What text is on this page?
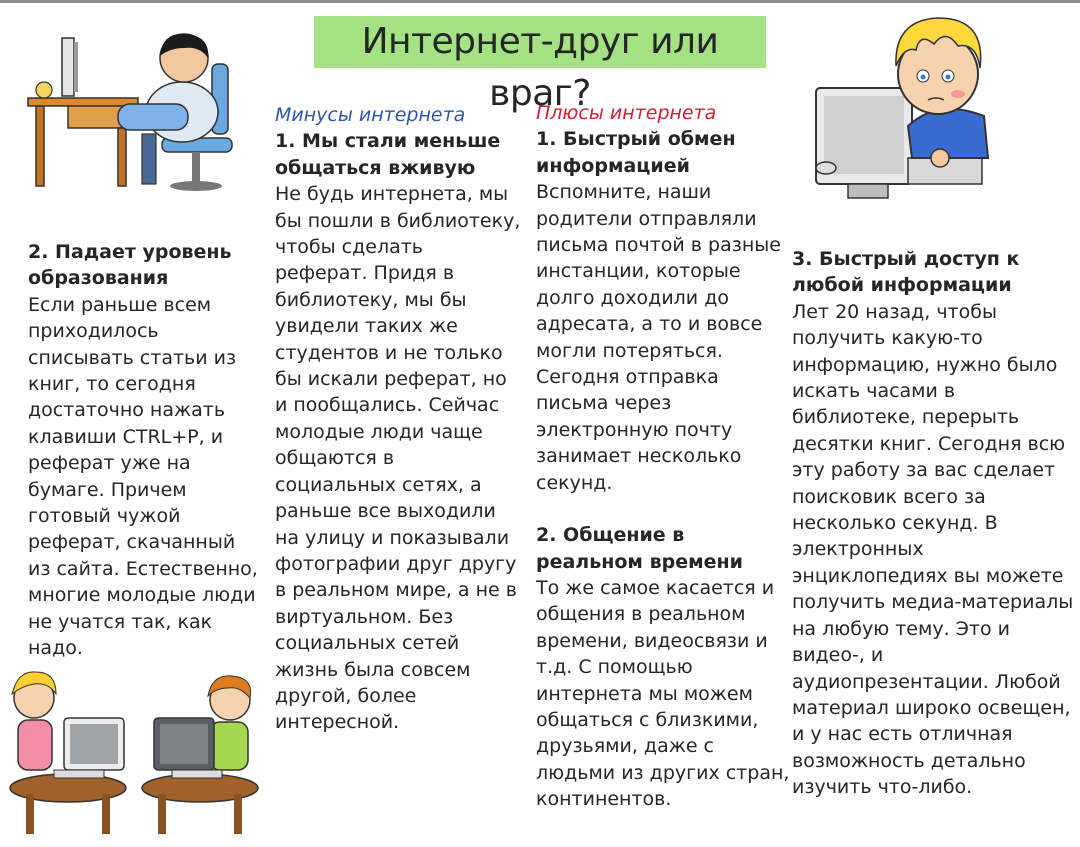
Интернет-друг или враг?
Минусы интернета
1. Мы стали меньше общаться вживую

Не будь интернета, мы бы пошли в библиотеку, чтобы сделать реферат. Придя в библиотеку, мы бы увидели таких же студентов и не только бы искали реферат, но и пообщались. Сейчас молодые люди чаще общаются в социальных сетях, а раньше все выходили на улицу и показывали фотографии друг другу в реальном мире, а не в виртуальном. Без социальных сетей жизнь была совсем другой, более интересной.

2. Падает уровень образования

Если раньше всем приходилось списывать статьи из книг, то сегодня достаточно нажать клавиши CTRL+P, и реферат уже на бумаге. Причем готовый чужой реферат, скачанный из сайта. Естественно, многие молодые люди не учатся так, как надо.

Плюсы интернета
1. Быстрый обмен информацией

Вспомните, наши родители отправляли письма почтой в разные инстанции, которые долго доходили до адресата, а то и вовсе могли потеряться. Сегодня отправка письма через электронную почту занимает несколько секунд.

2. Общение в реальном времени

То же самое касается и общения в реальном времени, видеосвязи и т.д. С помощью интернета мы можем общаться с близкими, друзьями, даже с людьми из других стран, континентов.

3. Быстрый доступ к любой информации

Лет 20 назад, чтобы получить какую-то информацию, нужно было искать часами в библиотеке, перерыть десятки книг. Сегодня всю эту работу за вас сделает поисковик всего за несколько секунд. В электронных энциклопедиях вы можете получить медиа-материалы на любую тему. Это и видео-, и аудиопрезентации. Любой материал широко освещен, и у нас есть отличная возможность детально изучить что-либо.
